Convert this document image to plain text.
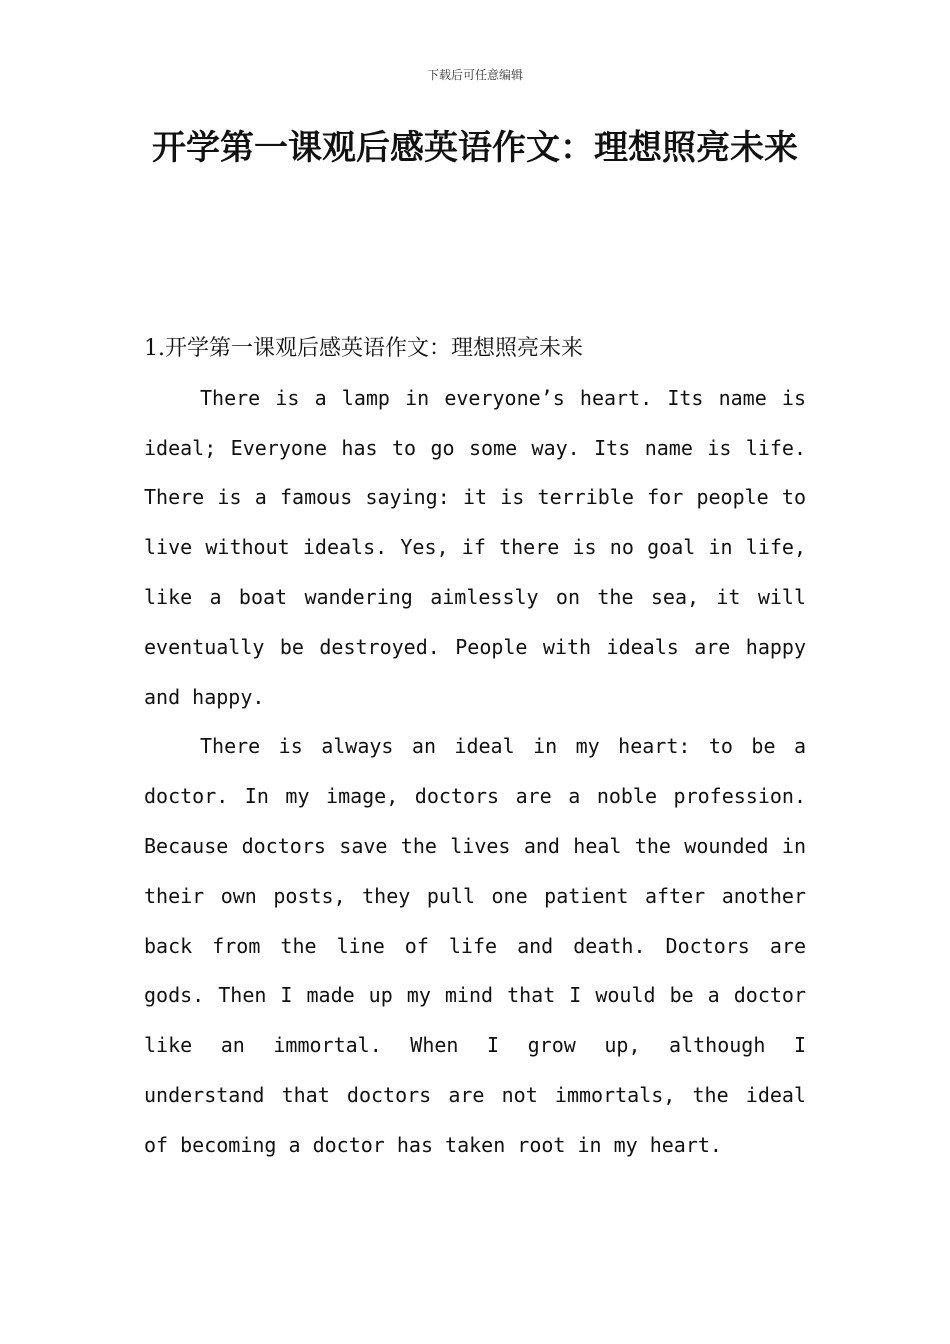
下载后可任意编辑
开学第一课观后感英语作文：理想照亮未来

1.开学第一课观后感英语作文：理想照亮未来

There is a lamp in everyone’s heart. Its name is ideal; Everyone has to go some way. Its name is life. There is a famous saying: it is terrible for people to live without ideals. Yes, if there is no goal in life, like a boat wandering aimlessly on the sea, it will eventually be destroyed. People with ideals are happy and happy.

There is always an ideal in my heart: to be a doctor. In my image, doctors are a noble profession. Because doctors save the lives and heal the wounded in their own posts, they pull one patient after another back from the line of life and death. Doctors are gods. Then I made up my mind that I would be a doctor like an immortal. When I grow up, although I understand that doctors are not immortals, the ideal of becoming a doctor has taken root in my heart.
